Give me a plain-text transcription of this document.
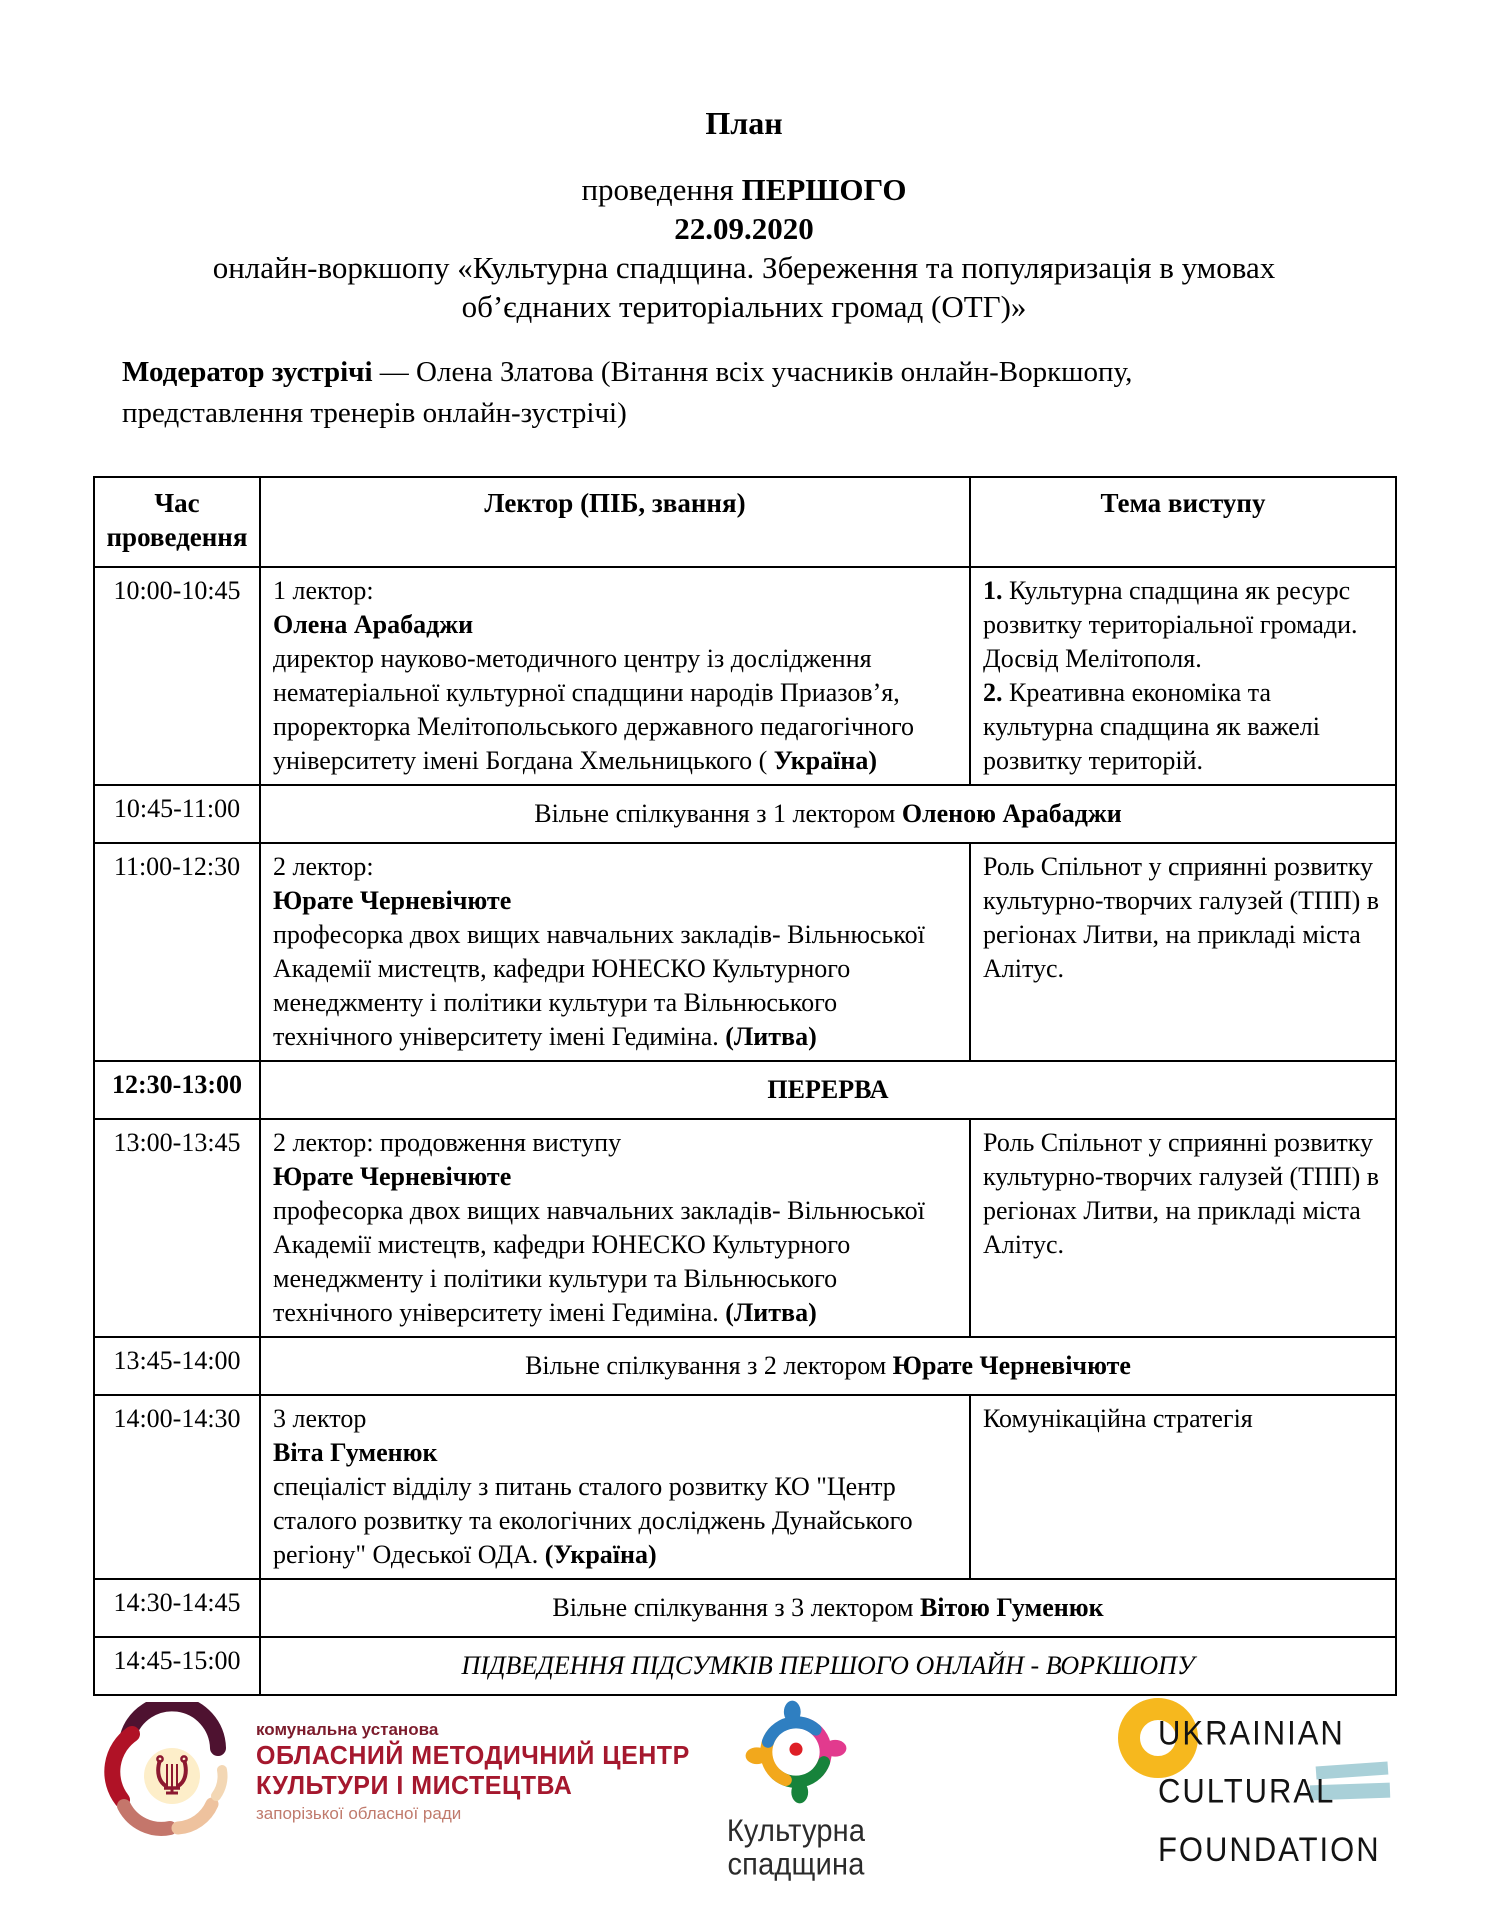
План
проведення ПЕРШОГО
22.09.2020
онлайн-воркшопу «Культурна спадщина. Збереження та популяризація в умовах
об’єднаних територіальних громад (ОТГ)»
Модератор зустрічі — Олена Златова (Вітання всіх учасників онлайн-Воркшопу,
представлення тренерів онлайн-зустрічі)
Час проведення	Лектор (ПІБ, звання)	Тема виступу
10:00-10:45	1 лектор:
Олена Арабаджи
директор науково-методичного центру із дослідження нематеріальної культурної спадщини народів Приазов’я, проректорка Мелітопольського державного педагогічного університету імені Богдана Хмельницького ( Україна)	1. Культурна спадщина як ресурс розвитку територіальної громади. Досвід Мелітополя.
2. Креативна економіка та культурна спадщина як важелі розвитку територій.
10:45-11:00	Вільне спілкування з 1 лектором Оленою Арабаджи	
11:00-12:30	2 лектор:
Юрате Черневічюте
професорка двох вищих навчальних закладів- Вільнюської Академії мистецтв, кафедри ЮНЕСКО Культурного менеджменту і політики культури та Вільнюського технічного університету імені Гедиміна. (Литва)	Роль Спільнот у сприянні розвитку культурно-творчих галузей (ТПП) в регіонах Литви, на прикладі міста Алітус.
12:30-13:00	ПЕРЕРВА	
13:00-13:45	2 лектор: продовження виступу
Юрате Черневічюте
професорка двох вищих навчальних закладів- Вільнюської Академії мистецтв, кафедри ЮНЕСКО Культурного менеджменту і політики культури та Вільнюського технічного університету імені Гедиміна. (Литва)	Роль Спільнот у сприянні розвитку культурно-творчих галузей (ТПП) в регіонах Литви, на прикладі міста Алітус.
13:45-14:00	Вільне спілкування з 2 лектором Юрате Черневічюте	
14:00-14:30	3 лектор
Віта Гуменюк
спеціаліст відділу з питань сталого розвитку КО "Центр сталого розвитку та екологічних досліджень Дунайського регіону" Одеської ОДА. (Україна)	Комунікаційна стратегія
14:30-14:45	Вільне спілкування з 3 лектором Вітою Гуменюк	
14:45-15:00	ПІДВЕДЕННЯ ПІДСУМКІВ ПЕРШОГО ОНЛАЙН - ВОРКШОПУ	
комунальна установа
ОБЛАСНИЙ МЕТОДИЧНИЙ ЦЕНТР
КУЛЬТУРИ І МИСТЕЦТВА
запорізької обласної ради
Культурна
спадщина
UKRAINIAN
CULTURAL
FOUNDATION
